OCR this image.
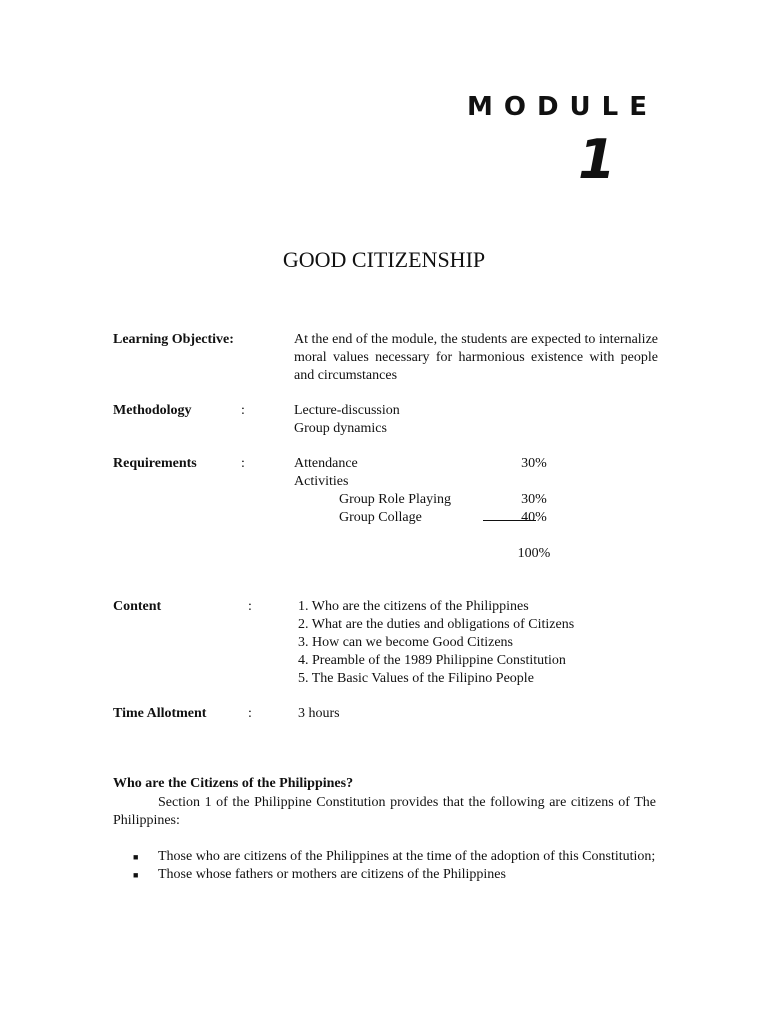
MODULE
1
GOOD CITIZENSHIP
Learning Objective:	At the end of the module, the students are expected to internalize moral values necessary for harmonious existence with people and circumstances
Methodology	:	Lecture-discussion
Group dynamics
Requirements	:	Attendance	30%
Activities
Group Role Playing	30%
Group Collage	40%
100%
Content	:	1. Who are the citizens of the Philippines
2. What are the duties and obligations of Citizens
3. How can we become Good Citizens
4. Preamble of the 1989 Philippine Constitution
5. The Basic Values of the Filipino People
Time Allotment	:	3 hours
Who are the Citizens of the Philippines?
Section 1 of the Philippine Constitution provides that the following are citizens of The Philippines:
■ Those who are citizens of the Philippines at the time of the adoption of this Constitution;
■ Those whose fathers or mothers are citizens of the Philippines
